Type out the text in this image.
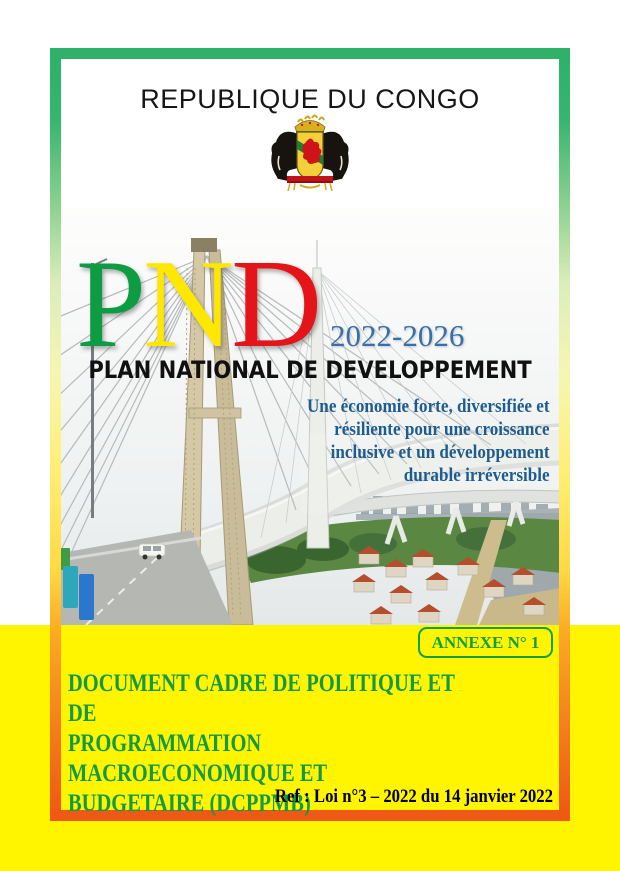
REPUBLIQUE DU CONGO
PND 2022-2026
PLAN NATIONAL DE DEVELOPPEMENT
Une économie forte, diversifiée et
résiliente pour une croissance
inclusive et un développement
durable irréversible
ANNEXE N° 1
DOCUMENT CADRE DE POLITIQUE ET DE
PROGRAMMATION MACROECONOMIQUE ET
BUDGETAIRE (DCPPMB)
Ref : Loi n°3 – 2022 du 14 janvier 2022
